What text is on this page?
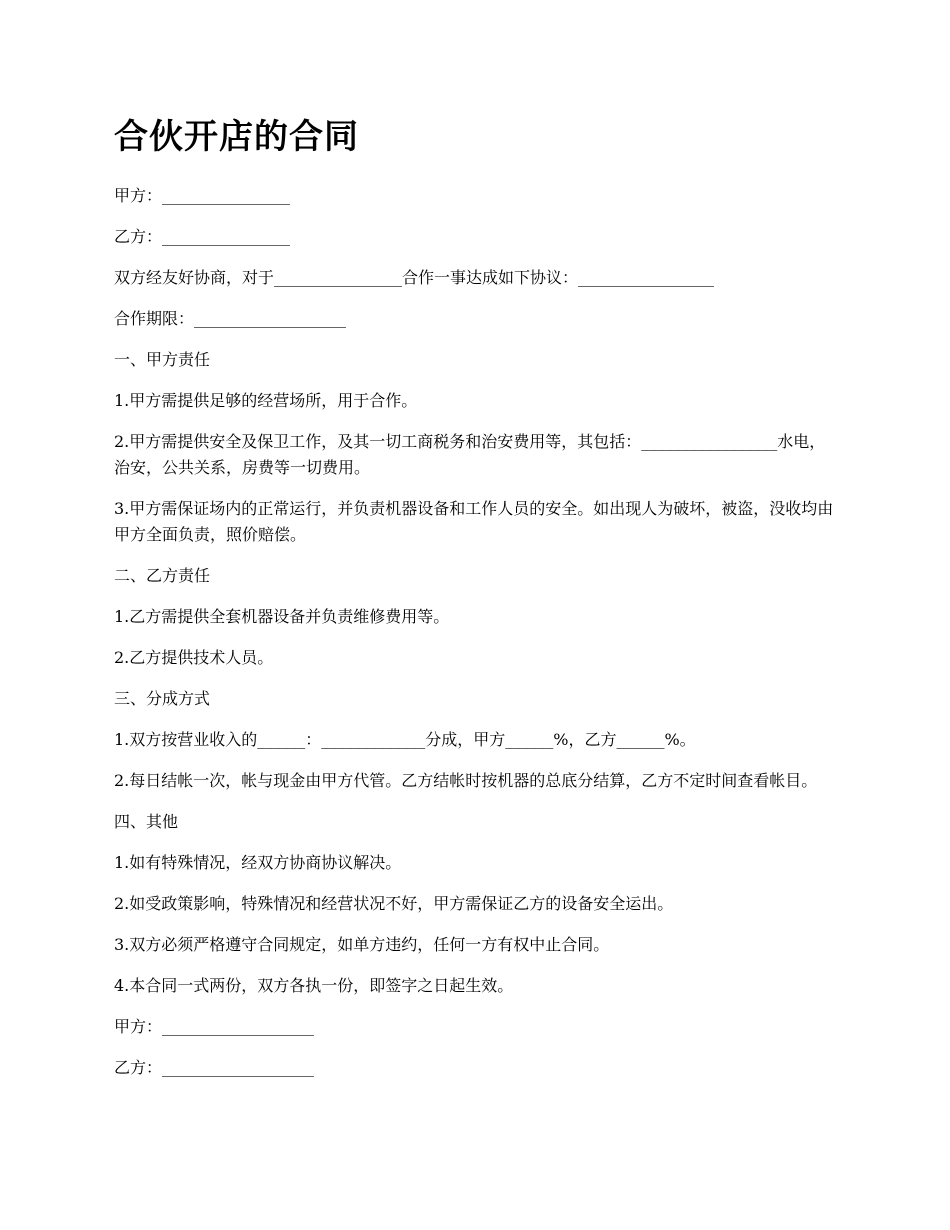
合伙开店的合同

甲方：________________

乙方：________________

双方经友好协商，对于________________合作一事达成如下协议：_________________

合作期限：___________________

一、甲方责任

1.甲方需提供足够的经营场所，用于合作。

2.甲方需提供安全及保卫工作，及其一切工商税务和治安费用等，其包括：_________________水电，治安，公共关系，房费等一切费用。

3.甲方需保证场内的正常运行，并负责机器设备和工作人员的安全。如出现人为破坏，被盗，没收均由甲方全面负责，照价赔偿。

二、乙方责任

1.乙方需提供全套机器设备并负责维修费用等。

2.乙方提供技术人员。

三、分成方式

1.双方按营业收入的______：_____________分成，甲方______%，乙方______%。

2.每日结帐一次，帐与现金由甲方代管。乙方结帐时按机器的总底分结算，乙方不定时间查看帐目。

四、其他

1.如有特殊情况，经双方协商协议解决。

2.如受政策影响，特殊情况和经营状况不好，甲方需保证乙方的设备安全运出。

3.双方必须严格遵守合同规定，如单方违约，任何一方有权中止合同。

4.本合同一式两份，双方各执一份，即签字之日起生效。

甲方：___________________

乙方：___________________
